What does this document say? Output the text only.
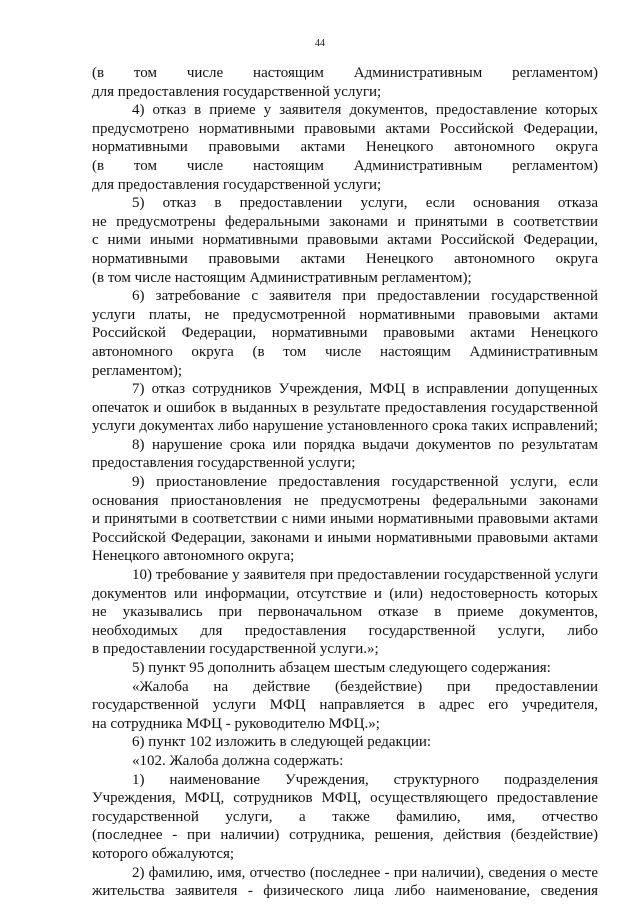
44
(в том числе настоящим Административным регламентом)
для предоставления государственной услуги;
4) отказ в приеме у заявителя документов, предоставление которых
предусмотрено нормативными правовыми актами Российской Федерации,
нормативными правовыми актами Ненецкого автономного округа
(в том числе настоящим Административным регламентом)
для предоставления государственной услуги;
5) отказ в предоставлении услуги, если основания отказа
не предусмотрены федеральными законами и принятыми в соответствии
с ними иными нормативными правовыми актами Российской Федерации,
нормативными правовыми актами Ненецкого автономного округа
(в том числе настоящим Административным регламентом);
6) затребование с заявителя при предоставлении государственной
услуги платы, не предусмотренной нормативными правовыми актами
Российской Федерации, нормативными правовыми актами Ненецкого
автономного округа (в том числе настоящим Административным
регламентом);
7) отказ сотрудников Учреждения, МФЦ в исправлении допущенных
опечаток и ошибок в выданных в результате предоставления государственной
услуги документах либо нарушение установленного срока таких исправлений;
8) нарушение срока или порядка выдачи документов по результатам
предоставления государственной услуги;
9) приостановление предоставления государственной услуги, если
основания приостановления не предусмотрены федеральными законами
и принятыми в соответствии с ними иными нормативными правовыми актами
Российской Федерации, законами и иными нормативными правовыми актами
Ненецкого автономного округа;
10) требование у заявителя при предоставлении государственной услуги
документов или информации, отсутствие и (или) недостоверность которых
не указывались при первоначальном отказе в приеме документов,
необходимых для предоставления государственной услуги, либо
в предоставлении государственной услуги.»;
5) пункт 95 дополнить абзацем шестым следующего содержания:
«Жалоба на действие (бездействие) при предоставлении
государственной услуги МФЦ направляется в адрес его учредителя,
на сотрудника МФЦ - руководителю МФЦ.»;
6) пункт 102 изложить в следующей редакции:
«102. Жалоба должна содержать:
1) наименование Учреждения, структурного подразделения
Учреждения, МФЦ, сотрудников МФЦ, осуществляющего предоставление
государственной услуги, а также фамилию, имя, отчество
(последнее - при наличии) сотрудника, решения, действия (бездействие)
которого обжалуются;
2) фамилию, имя, отчество (последнее - при наличии), сведения о месте
жительства заявителя - физического лица либо наименование, сведения
